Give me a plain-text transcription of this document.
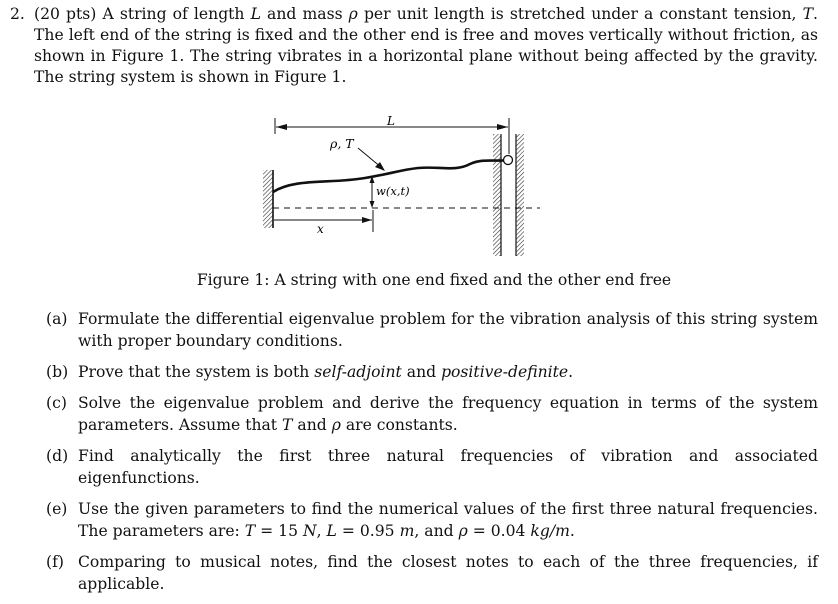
2. (20 pts) A string of length L and mass ρ per unit length is stretched under a constant tension, T. The left end of the string is fixed and the other end is free and moves vertically without friction, as shown in Figure 1. The string vibrates in a horizontal plane without being affected by the gravity. The string system is shown in Figure 1.
L
ρ, T
w(x,t)
x
Figure 1: A string with one end fixed and the other end free
(a) Formulate the differential eigenvalue problem for the vibration analysis of this string system with proper boundary conditions.
(b) Prove that the system is both self-adjoint and positive-definite.
(c) Solve the eigenvalue problem and derive the frequency equation in terms of the system parameters. Assume that T and ρ are constants.
(d) Find analytically the first three natural frequencies of vibration and associated eigenfunctions.
(e) Use the given parameters to find the numerical values of the first three natural frequencies. The parameters are: T = 15 N, L = 0.95 m, and ρ = 0.04 kg/m.
(f) Comparing to musical notes, find the closest notes to each of the three frequencies, if applicable.
